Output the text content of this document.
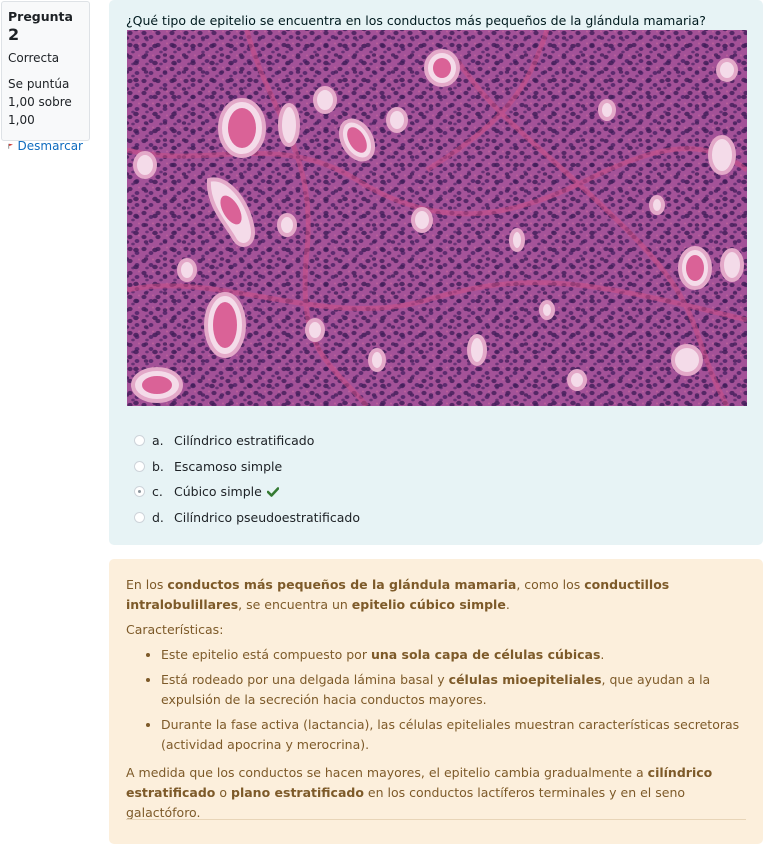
Pregunta 2
Correcta
Se puntúa
1,00 sobre
1,00
Desmarcar
¿Qué tipo de epitelio se encuentra en los conductos más pequeños de la glándula mamaria?
a. Cilíndrico estratificado
b. Escamoso simple
c. Cúbico simple
d. Cilíndrico pseudoestratificado

En los conductos más pequeños de la glándula mamaria, como los conductillos intralobulillares, se encuentra un epitelio cúbico simple.

Características:

• Este epitelio está compuesto por una sola capa de células cúbicas.
• Está rodeado por una delgada lámina basal y células mioepiteliales, que ayudan a la expulsión de la secreción hacia conductos mayores.
• Durante la fase activa (lactancia), las células epiteliales muestran características secretoras (actividad apocrina y merocrina).

A medida que los conductos se hacen mayores, el epitelio cambia gradualmente a cilíndrico estratificado o plano estratificado en los conductos lactíferos terminales y en el seno galactóforo.
